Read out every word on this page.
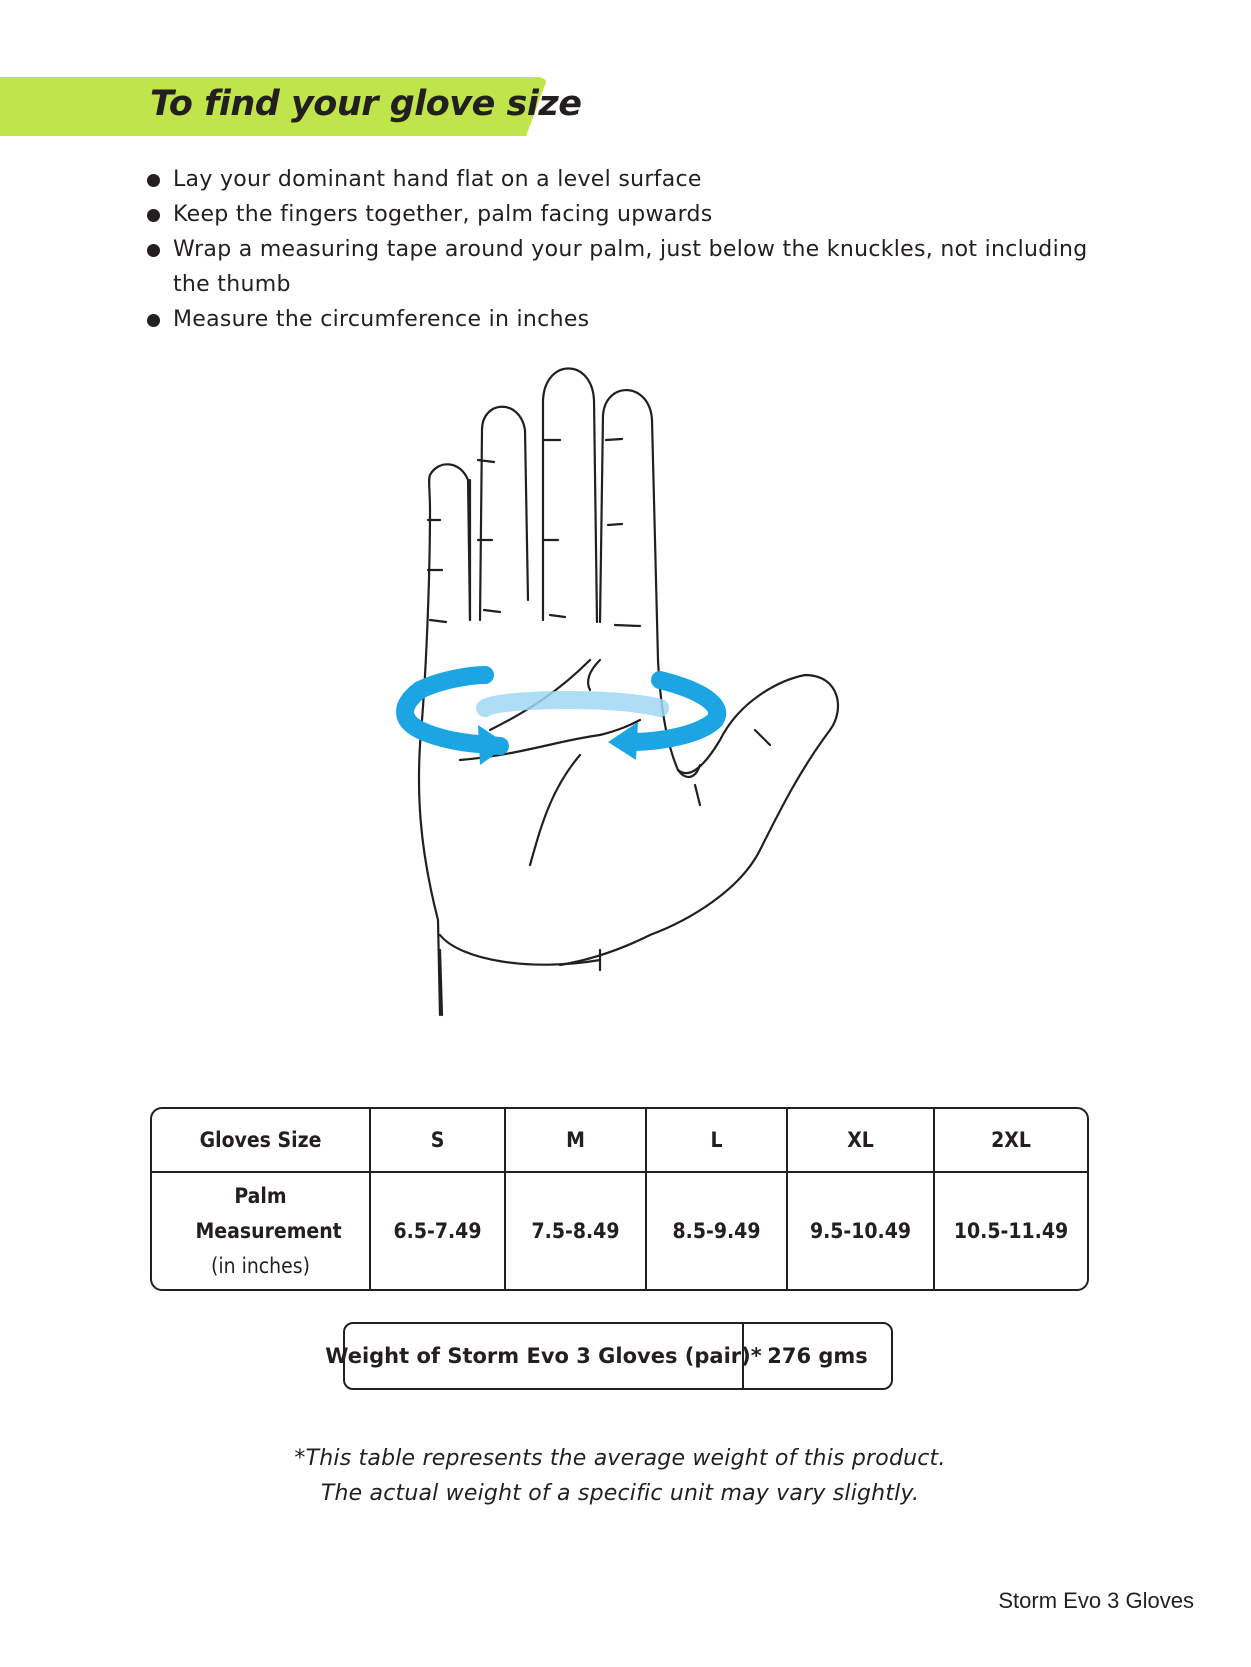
To find your glove size
Lay your dominant hand flat on a level surface
Keep the fingers together, palm facing upwards
Wrap a measuring tape around your palm, just below the knuckles, not including the thumb
Measure the circumference in inches
Gloves Size	S	M	L	XL	2XL

Palm Measurement
(in inches)	6.5-7.49	7.5-8.49	8.5-9.49	9.5-10.49	10.5-11.49
Weight of Storm Evo 3 Gloves (pair)* 276 gms
*This table represents the average weight of this product.
The actual weight of a specific unit may vary slightly.
Storm Evo 3 Gloves
